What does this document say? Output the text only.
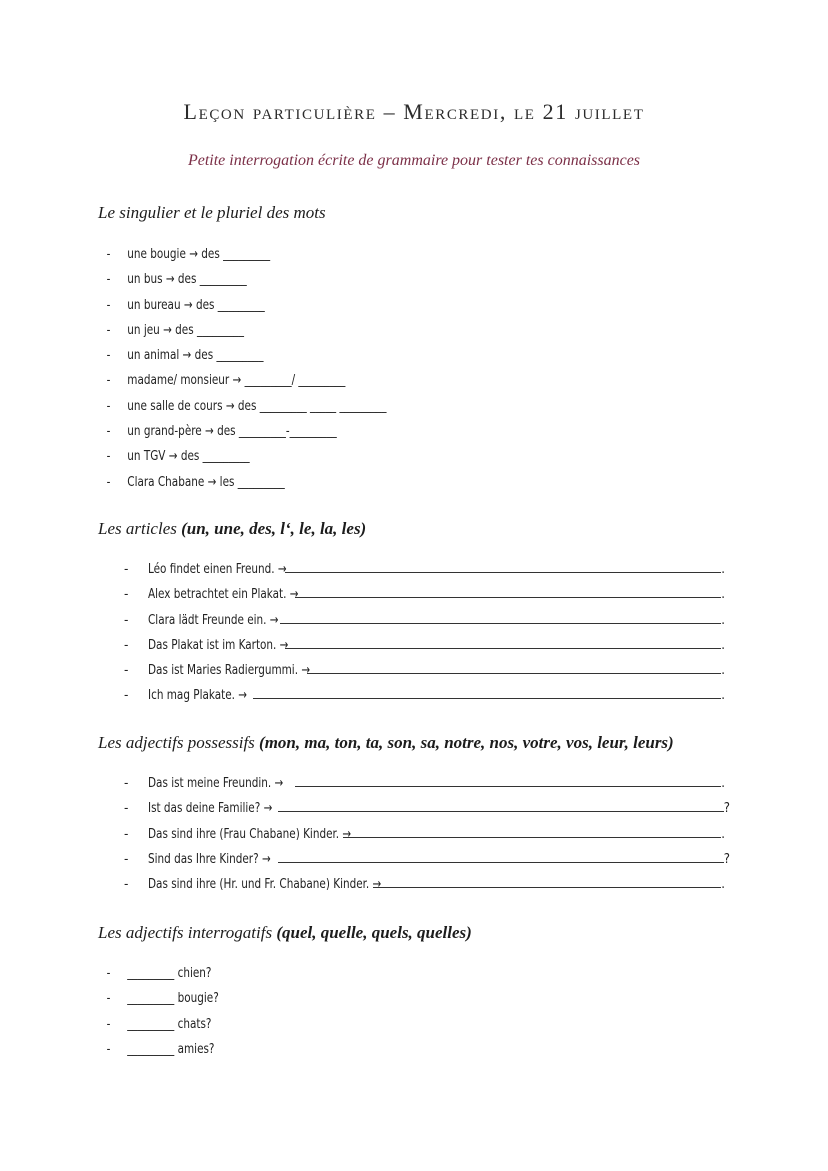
Leçon particulière – Mercredi, le 21 juillet

Petite interrogation écrite de grammaire pour tester tes connaissances

Le singulier et le pluriel des mots
- une bougie → des _________
- un bus → des _________
- un bureau → des _________
- un jeu → des _________
- un animal → des _________
- madame/ monsieur → _________/ _________
- une salle de cours → des _________ _____ _________
- un grand-père → des _________-_________
- un TGV → des _________
- Clara Chabane → les _________
Les articles (un, une, des, l‘, le, la, les)
- Léo findet einen Freund. →	.
- Alex betrachtet ein Plakat. →	.
- Clara lädt Freunde ein. →	.
- Das Plakat ist im Karton. →	.
- Das ist Maries Radiergummi. →	.
- Ich mag Plakate. →	.
Les adjectifs possessifs (mon, ma, ton, ta, son, sa, notre, nos, votre, vos, leur, leurs)
- Das ist meine Freundin. →	.
- Ist das deine Familie? →	?
- Das sind ihre (Frau Chabane) Kinder. →	.
- Sind das Ihre Kinder? →	?
- Das sind ihre (Hr. und Fr. Chabane) Kinder. →	.
Les adjectifs interrogatifs (quel, quelle, quels, quelles)
- _________ chien?
- _________ bougie?
- _________ chats?
- _________ amies?
